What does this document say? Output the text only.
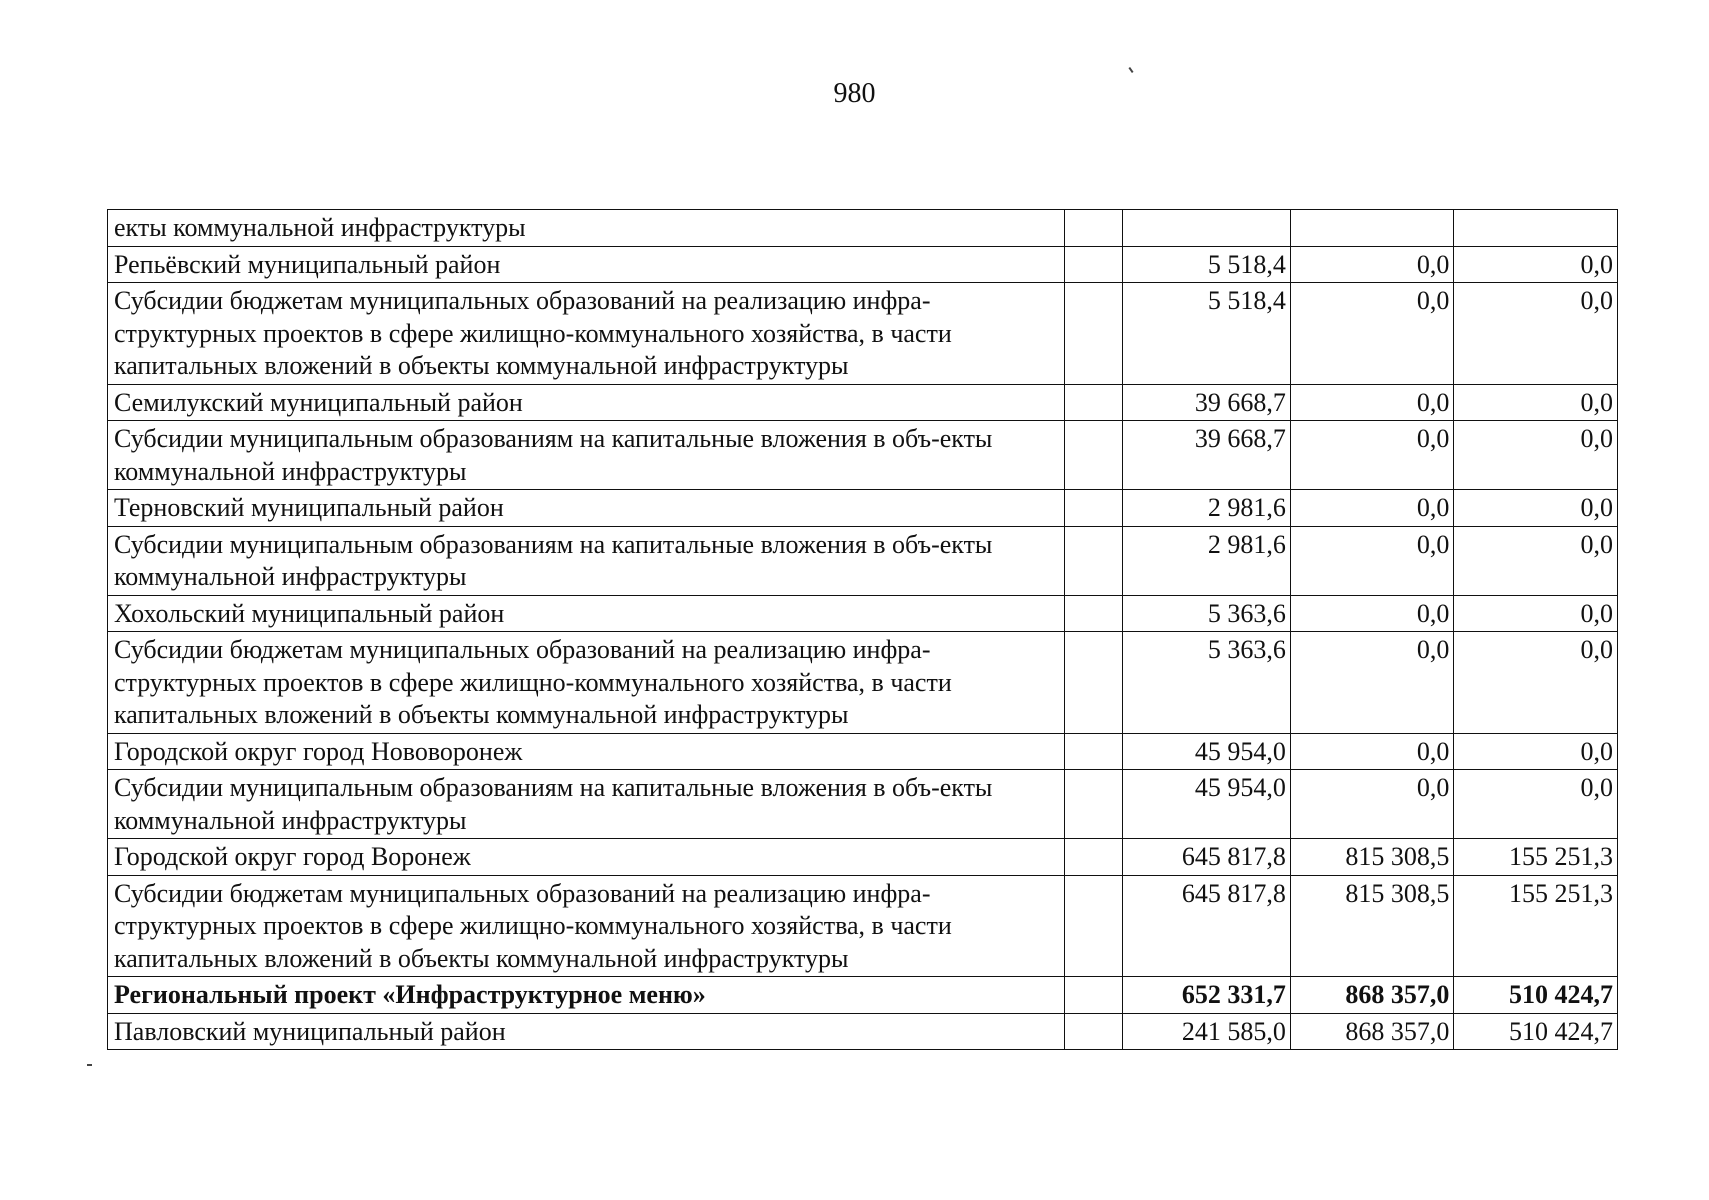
980
екты коммунальной инфраструктуры				
Репьёвский муниципальный район		5 518,4	0,0	0,0
Субсидии бюджетам муниципальных образований на реализацию инфра-структурных проектов в сфере жилищно-коммунального хозяйства, в части капитальных вложений в объекты коммунальной инфраструктуры		5 518,4	0,0	0,0
Семилукский муниципальный район		39 668,7	0,0	0,0
Субсидии муниципальным образованиям на капитальные вложения в объ-екты коммунальной инфраструктуры		39 668,7	0,0	0,0
Терновский муниципальный район		2 981,6	0,0	0,0
Субсидии муниципальным образованиям на капитальные вложения в объ-екты коммунальной инфраструктуры		2 981,6	0,0	0,0
Хохольский муниципальный район		5 363,6	0,0	0,0
Субсидии бюджетам муниципальных образований на реализацию инфра-структурных проектов в сфере жилищно-коммунального хозяйства, в части капитальных вложений в объекты коммунальной инфраструктуры		5 363,6	0,0	0,0
Городской округ город Нововоронеж		45 954,0	0,0	0,0
Субсидии муниципальным образованиям на капитальные вложения в объ-екты коммунальной инфраструктуры		45 954,0	0,0	0,0
Городской округ город Воронеж		645 817,8	815 308,5	155 251,3
Субсидии бюджетам муниципальных образований на реализацию инфра-структурных проектов в сфере жилищно-коммунального хозяйства, в части капитальных вложений в объекты коммунальной инфраструктуры		645 817,8	815 308,5	155 251,3
Региональный проект «Инфраструктурное меню»		652 331,7	868 357,0	510 424,7
Павловский муниципальный район		241 585,0	868 357,0	510 424,7
